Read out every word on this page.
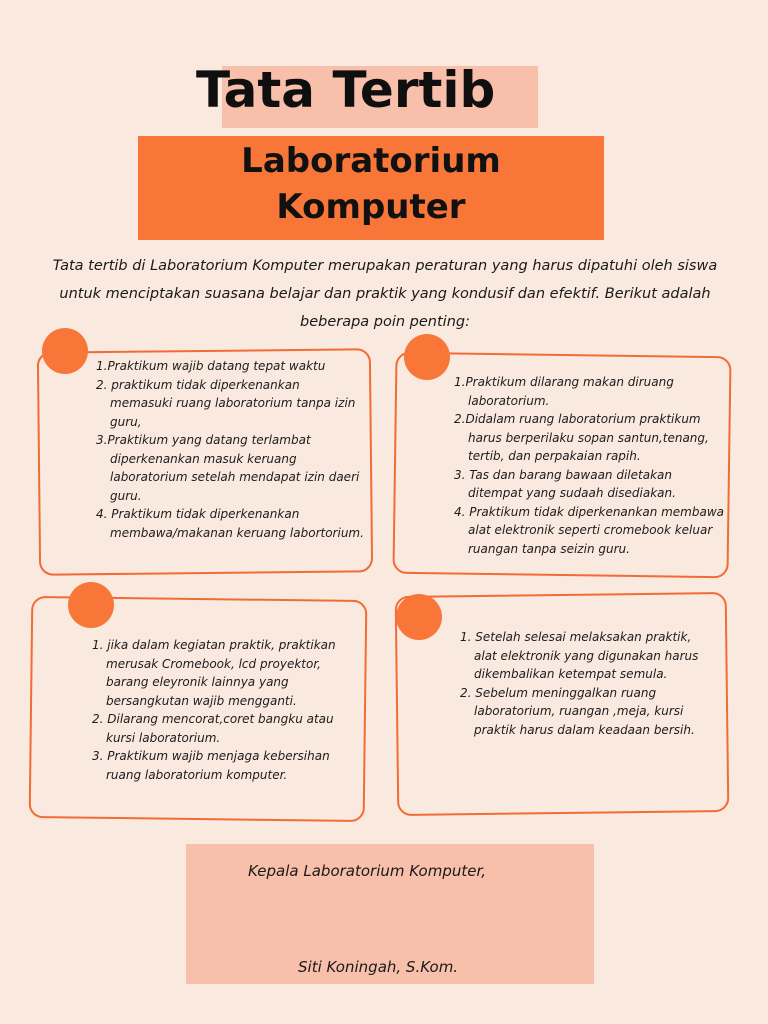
Tata Tertib
Laboratorium
Komputer
Tata tertib di Laboratorium Komputer merupakan peraturan yang harus dipatuhi oleh siswa untuk menciptakan suasana belajar dan praktik yang kondusif dan efektif. Berikut adalah beberapa poin penting:
1.Praktikum wajib datang tepat waktu
2. praktikum tidak diperkenankan memasuki ruang laboratorium tanpa izin guru,
3.Praktikum yang datang terlambat diperkenankan masuk keruang laboratorium setelah mendapat izin daeri guru.
4. Praktikum tidak diperkenankan membawa/makanan keruang labortorium.
1.Praktikum dilarang makan diruang laboratorium.
2.Didalam ruang laboratorium praktikum harus berperilaku sopan santun,tenang, tertib, dan perpakaian rapih.
3. Tas dan barang bawaan diletakan ditempat yang sudaah disediakan.
4. Praktikum tidak diperkenankan membawa alat elektronik seperti cromebook keluar ruangan tanpa seizin guru.
1. jika dalam kegiatan praktik, praktikan merusak Cromebook, lcd proyektor, barang eleyronik lainnya yang bersangkutan wajib mengganti.
2. Dilarang mencorat,coret bangku atau kursi laboratorium.
3. Praktikum wajib menjaga kebersihan ruang laboratorium komputer.
1. Setelah selesai melaksakan praktik, alat elektronik yang digunakan harus dikembalikan ketempat semula.
2. Sebelum meninggalkan ruang laboratorium, ruangan ,meja, kursi praktik harus dalam keadaan bersih.
Kepala Laboratorium Komputer,
Siti Koningah, S.Kom.
